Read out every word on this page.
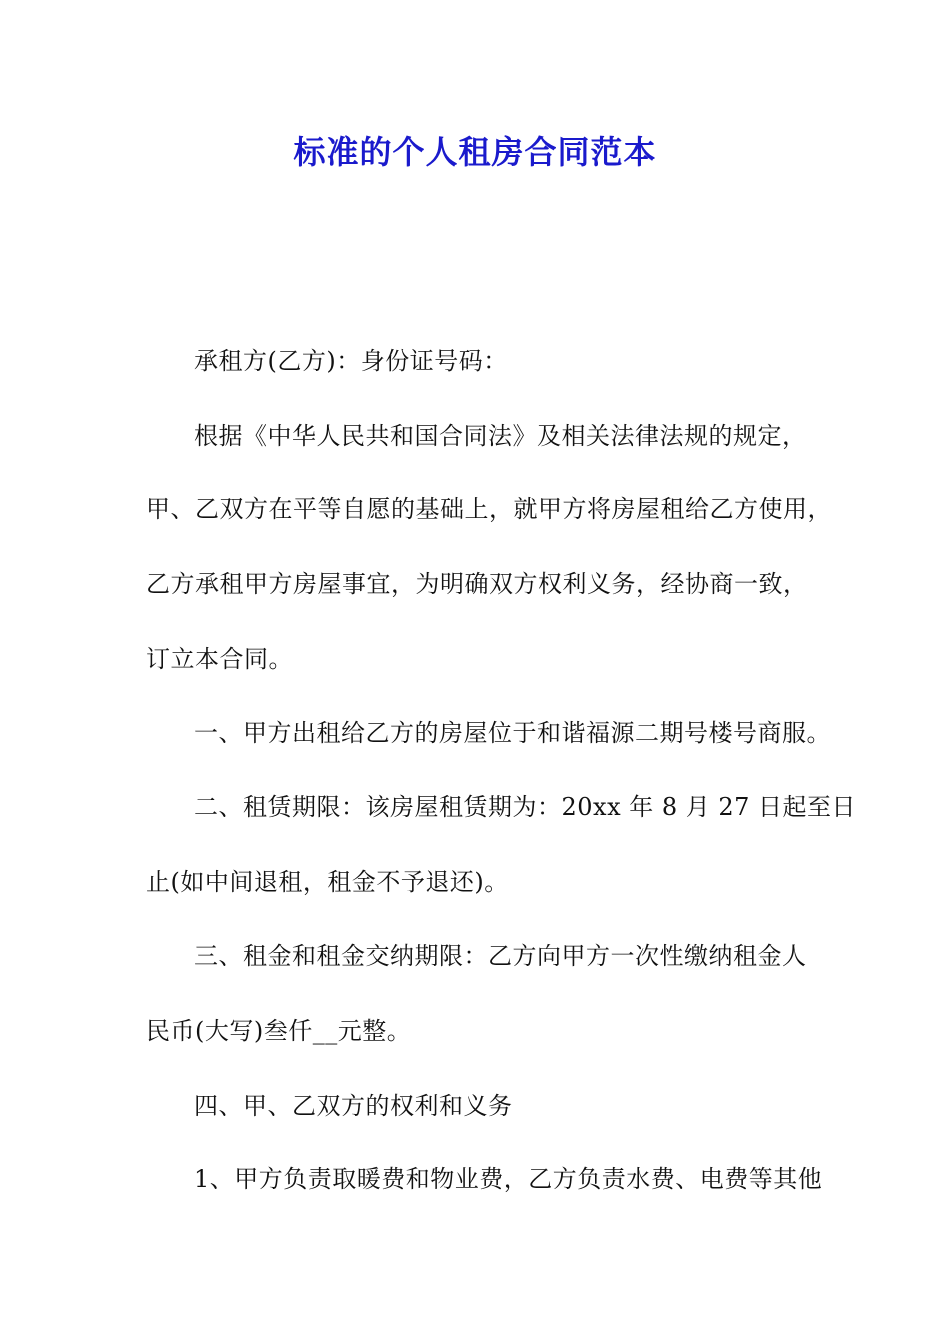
标准的个人租房合同范本
承租方(乙方)：身份证号码：
根据《中华人民共和国合同法》及相关法律法规的规定，
甲、乙双方在平等自愿的基础上，就甲方将房屋租给乙方使用，
乙方承租甲方房屋事宜，为明确双方权利义务，经协商一致，
订立本合同。
一、甲方出租给乙方的房屋位于和谐福源二期号楼号商服。
二、租赁期限：该房屋租赁期为：20xx 年 8 月 27 日起至日
止(如中间退租，租金不予退还)。
三、租金和租金交纳期限：乙方向甲方一次性缴纳租金人
民币(大写)叁仟__元整。
四、甲、乙双方的权利和义务
1、甲方负责取暖费和物业费，乙方负责水费、电费等其他
